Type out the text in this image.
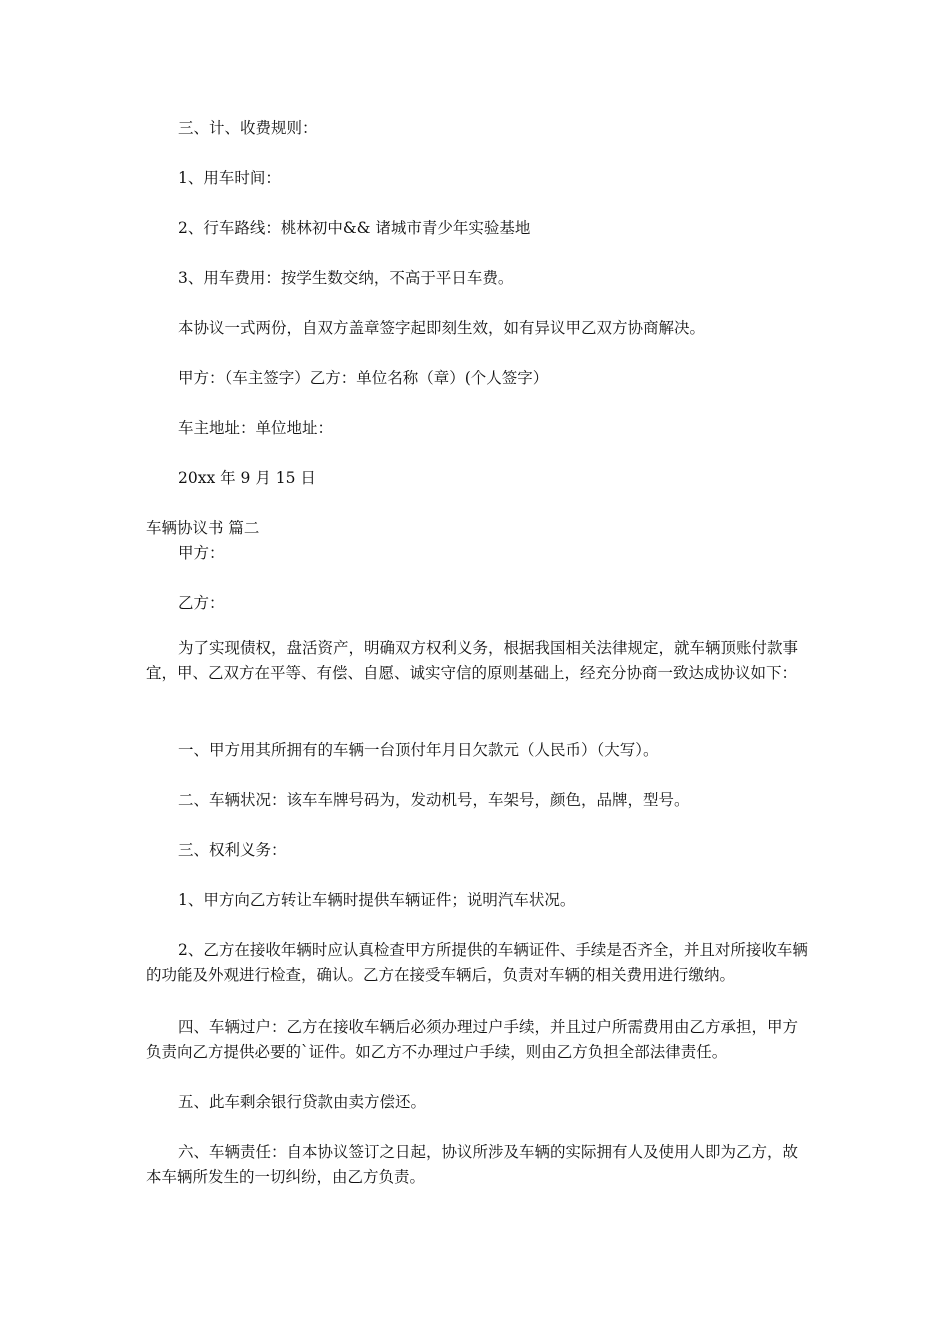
三、计、收费规则：

1、用车时间：

2、行车路线：桃林初中&& 诸城市青少年实验基地

3、用车费用：按学生数交纳，不高于平日车费。

本协议一式两份，自双方盖章签字起即刻生效，如有异议甲乙双方协商解决。

甲方：（车主签字）乙方：单位名称（章）(个人签字）

车主地址：单位地址：

20xx 年 9 月 15 日

车辆协议书 篇二

甲方：

乙方：

为了实现债权，盘活资产，明确双方权利义务，根据我国相关法律规定，就车辆顶账付款事宜，甲、乙双方在平等、有偿、自愿、诚实守信的原则基础上，经充分协商一致达成协议如下：

一、甲方用其所拥有的车辆一台顶付年月日欠款元（人民币）（大写）。

二、车辆状况：该车车牌号码为，发动机号，车架号，颜色，品牌，型号。

三、权利义务：

1、甲方向乙方转让车辆时提供车辆证件；说明汽车状况。

2、乙方在接收年辆时应认真检查甲方所提供的车辆证件、手续是否齐全，并且对所接收车辆的功能及外观进行检查，确认。乙方在接受车辆后，负责对车辆的相关费用进行缴纳。

四、车辆过户：乙方在接收车辆后必须办理过户手续，并且过户所需费用由乙方承担，甲方负责向乙方提供必要的`证件。如乙方不办理过户手续，则由乙方负担全部法律责任。

五、此车剩余银行贷款由卖方偿还。

六、车辆责任：自本协议签订之日起，协议所涉及车辆的实际拥有人及使用人即为乙方，故本车辆所发生的一切纠纷，由乙方负责。
